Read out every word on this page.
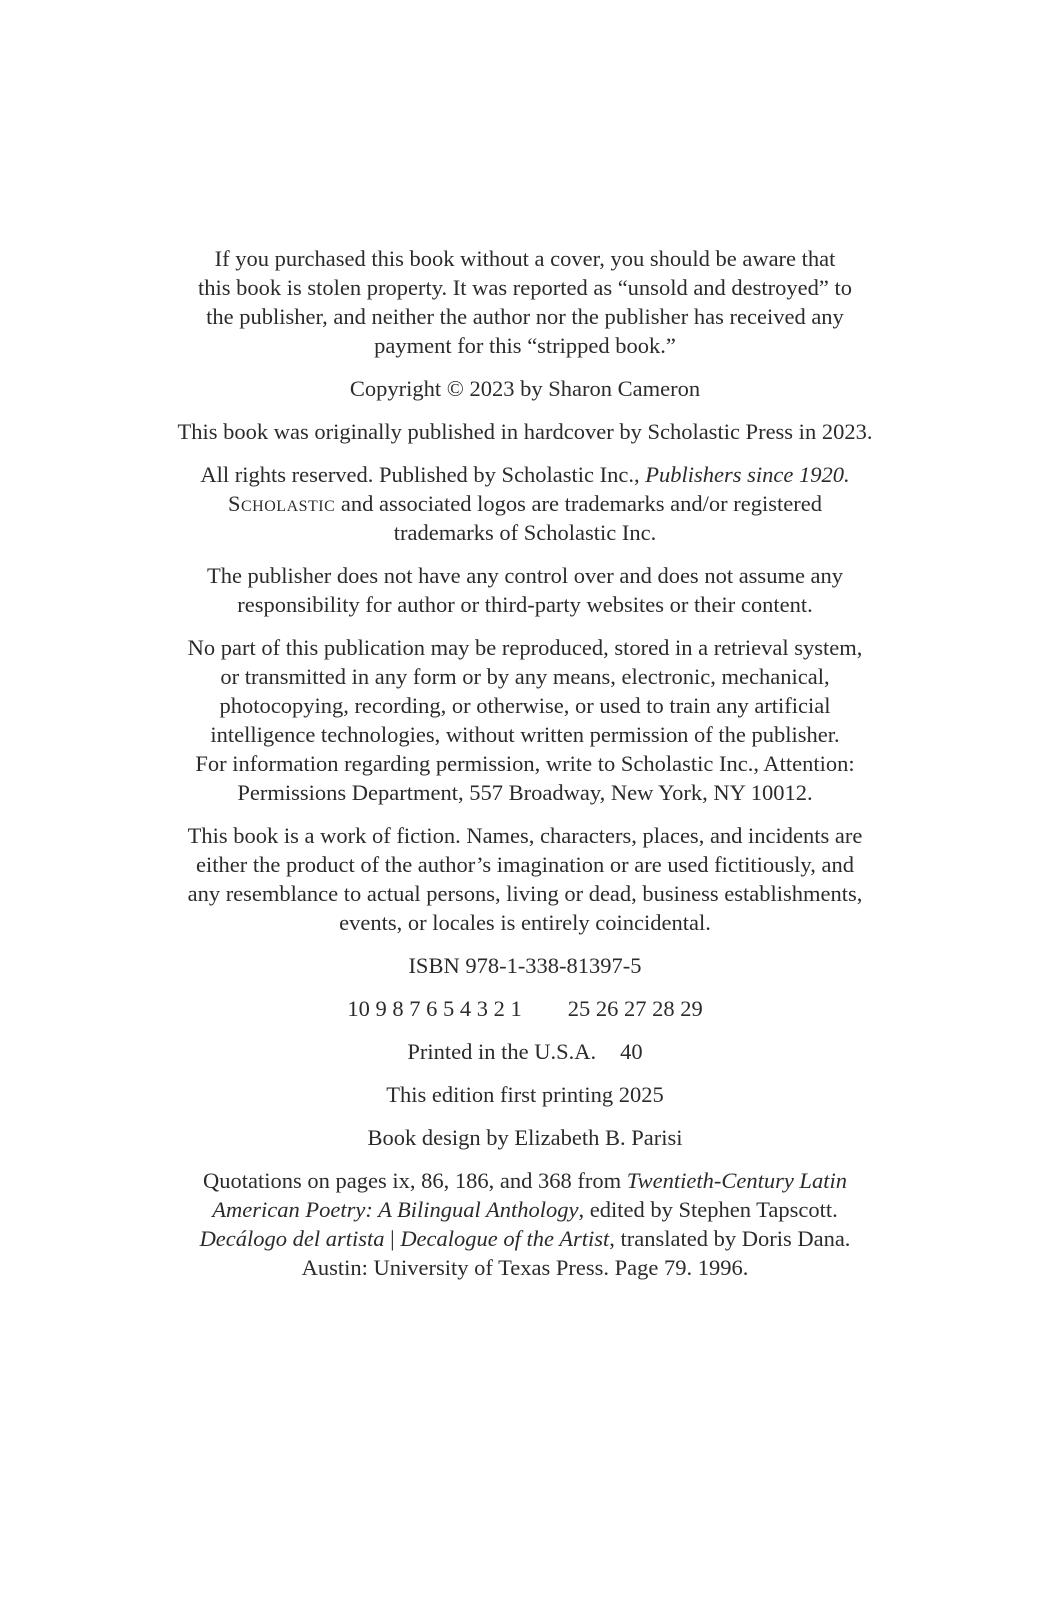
If you purchased this book without a cover, you should be aware that
this book is stolen property. It was reported as “unsold and destroyed” to
the publisher, and neither the author nor the publisher has received any
payment for this “stripped book.”

Copyright © 2023 by Sharon Cameron

This book was originally published in hardcover by Scholastic Press in 2023.

All rights reserved. Published by Scholastic Inc., Publishers since 1920.
Scholastic and associated logos are trademarks and/or registered
trademarks of Scholastic Inc.

The publisher does not have any control over and does not assume any
responsibility for author or third-party websites or their content.

No part of this publication may be reproduced, stored in a retrieval system,
or transmitted in any form or by any means, electronic, mechanical,
photocopying, recording, or otherwise, or used to train any artificial
intelligence technologies, without written permission of the publisher.
For information regarding permission, write to Scholastic Inc., Attention:
Permissions Department, 557 Broadway, New York, NY 10012.

This book is a work of fiction. Names, characters, places, and incidents are
either the product of the author’s imagination or are used fictitiously, and
any resemblance to actual persons, living or dead, business establishments,
events, or locales is entirely coincidental.

ISBN 978-1-338-81397-5

10 9 8 7 6 5 4 3 2 1 25 26 27 28 29

Printed in the U.S.A. 40

This edition first printing 2025

Book design by Elizabeth B. Parisi

Quotations on pages ix, 86, 186, and 368 from Twentieth-Century Latin
American Poetry: A Bilingual Anthology, edited by Stephen Tapscott.
Decálogo del artista | Decalogue of the Artist, translated by Doris Dana.
Austin: University of Texas Press. Page 79. 1996.
